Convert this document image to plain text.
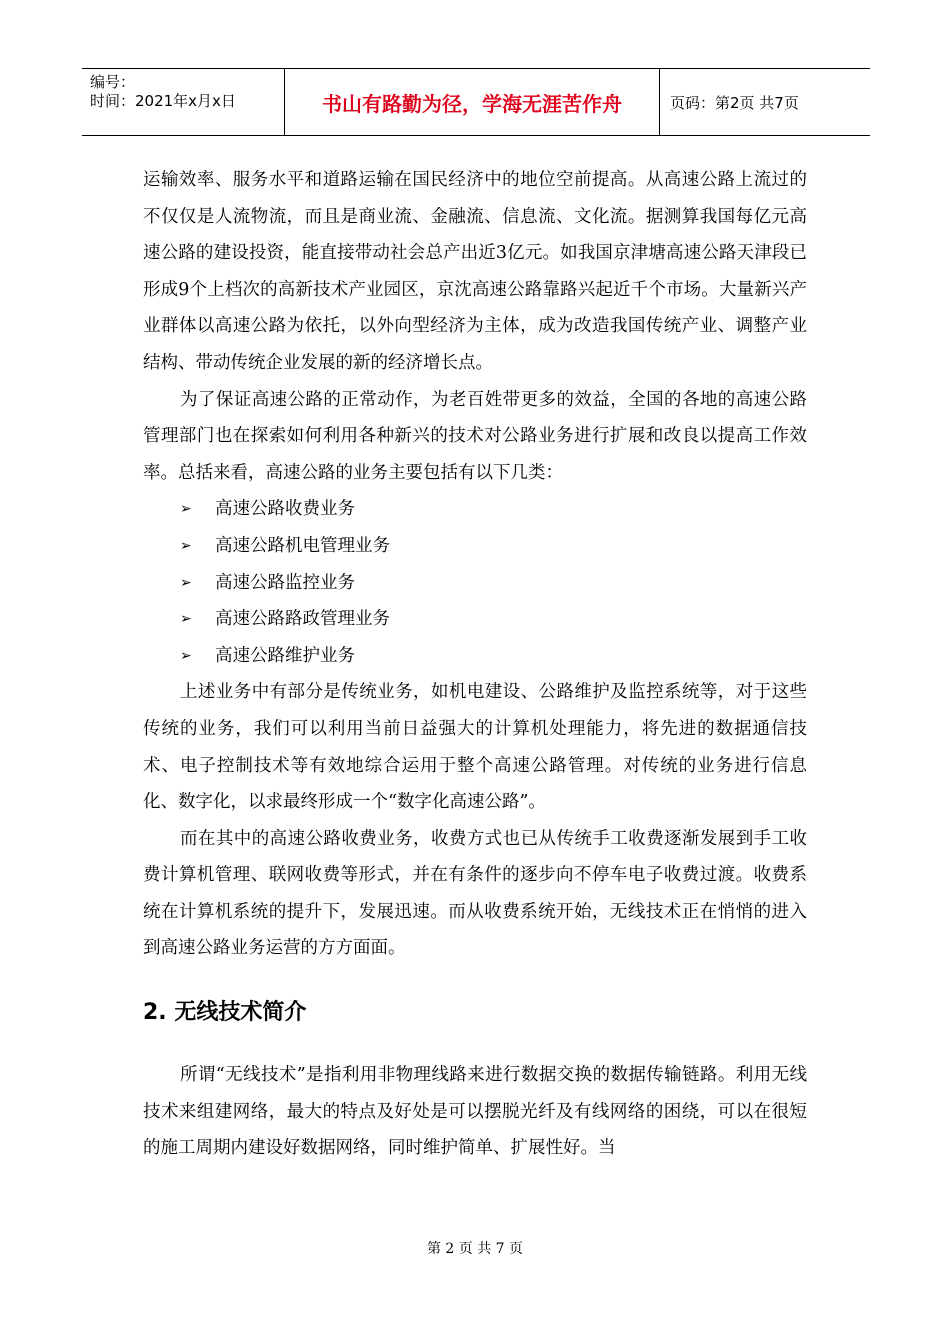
编号：
时间：2021年x月x日	书山有路勤为径，学海无涯苦作舟	页码：第2页 共7页

运输效率、服务水平和道路运输在国民经济中的地位空前提高。从高速公路上流过的不仅仅是人流物流，而且是商业流、金融流、信息流、文化流。据测算我国每亿元高速公路的建设投资，能直接带动社会总产出近3亿元。如我国京津塘高速公路天津段已形成9个上档次的高新技术产业园区，京沈高速公路靠路兴起近千个市场。大量新兴产业群体以高速公路为依托，以外向型经济为主体，成为改造我国传统产业、调整产业结构、带动传统企业发展的新的经济增长点。

为了保证高速公路的正常动作，为老百姓带更多的效益，全国的各地的高速公路管理部门也在探索如何利用各种新兴的技术对公路业务进行扩展和改良以提高工作效率。总括来看，高速公路的业务主要包括有以下几类：

➢	高速公路收费业务
➢	高速公路机电管理业务
➢	高速公路监控业务
➢	高速公路路政管理业务
➢	高速公路维护业务

上述业务中有部分是传统业务，如机电建设、公路维护及监控系统等，对于这些传统的业务，我们可以利用当前日益强大的计算机处理能力，将先进的数据通信技术、电子控制技术等有效地综合运用于整个高速公路管理。对传统的业务进行信息化、数字化，以求最终形成一个“数字化高速公路”。

而在其中的高速公路收费业务，收费方式也已从传统手工收费逐渐发展到手工收费计算机管理、联网收费等形式，并在有条件的逐步向不停车电子收费过渡。收费系统在计算机系统的提升下，发展迅速。而从收费系统开始，无线技术正在悄悄的进入到高速公路业务运营的方方面面。

2. 无线技术简介

所谓“无线技术”是指利用非物理线路来进行数据交换的数据传输链路。利用无线技术来组建网络，最大的特点及好处是可以摆脱光纤及有线网络的困绕，可以在很短的施工周期内建设好数据网络，同时维护简单、扩展性好。当

第 2 页 共 7 页
